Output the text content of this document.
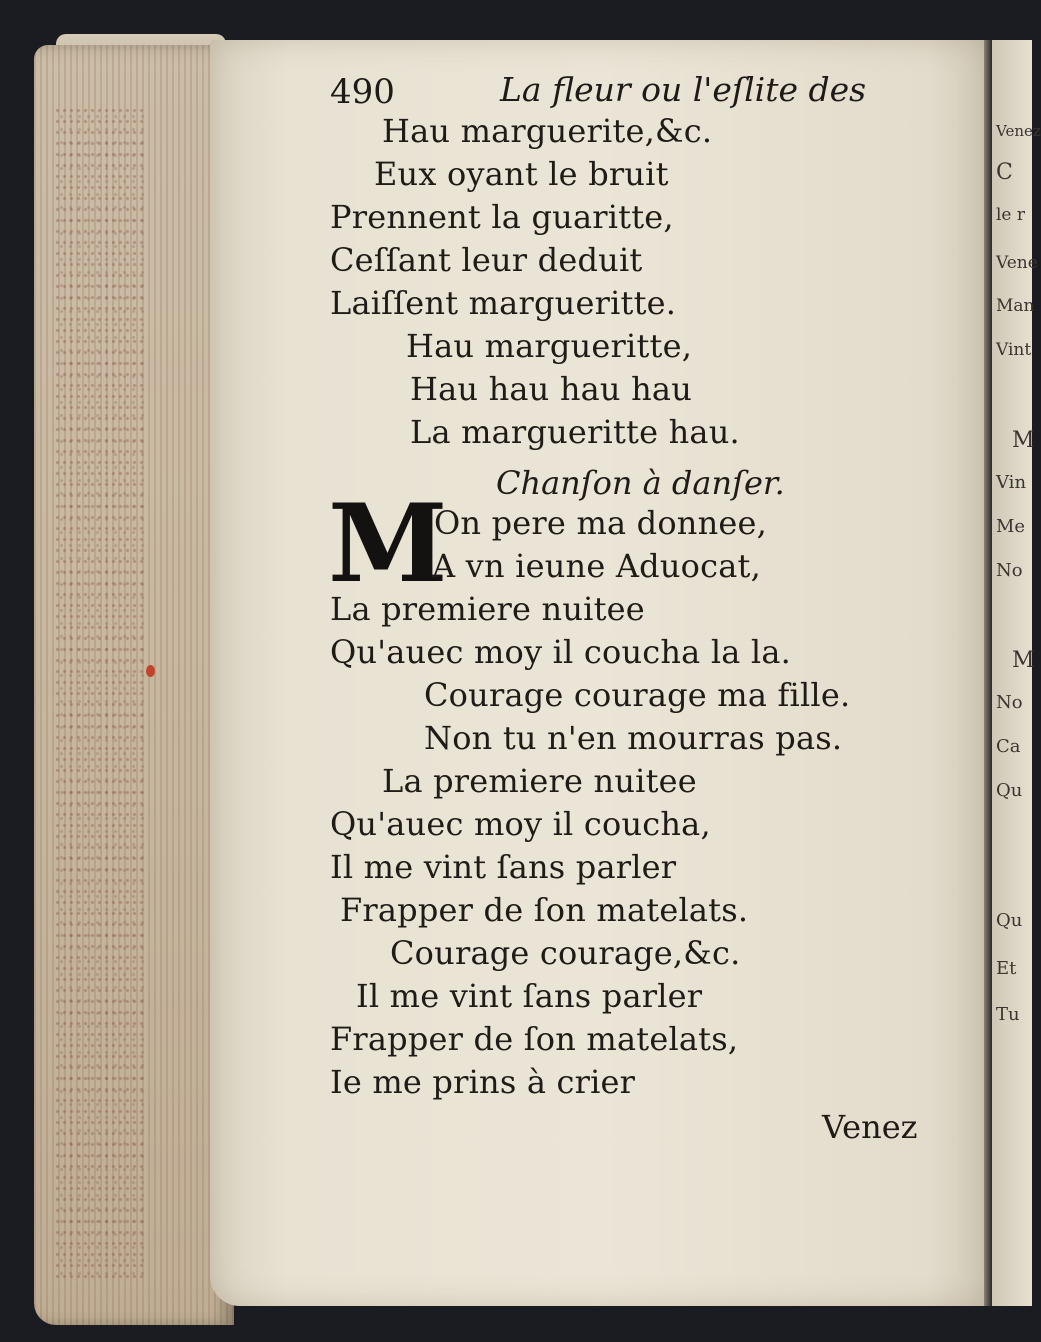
Venez
C
le r
Vene
Man
Vint
M
Vin
Me
No
M
No
Ca
Qu
Qu
Et
Tu
490	La fleur ou l'eſlite des
Hau marguerite,&c.
Eux oyant le bruit
Prennent la guaritte,
Ceſſant leur deduit
Laiſſent margueritte.
Hau margueritte,
Hau hau hau hau
La margueritte hau.
Chanſon à danſer.
M
On pere ma donnee,
A vn ieune Aduocat,
La premiere nuitee
Qu'auec moy il coucha la la.
Courage courage ma fille.
Non tu n'en mourras pas.
La premiere nuitee
Qu'auec moy il coucha,
Il me vint ſans parler
Frapper de ſon matelats.
Courage courage,&c.
Il me vint ſans parler
Frapper de ſon matelats,
Ie me prins à crier
Venez
